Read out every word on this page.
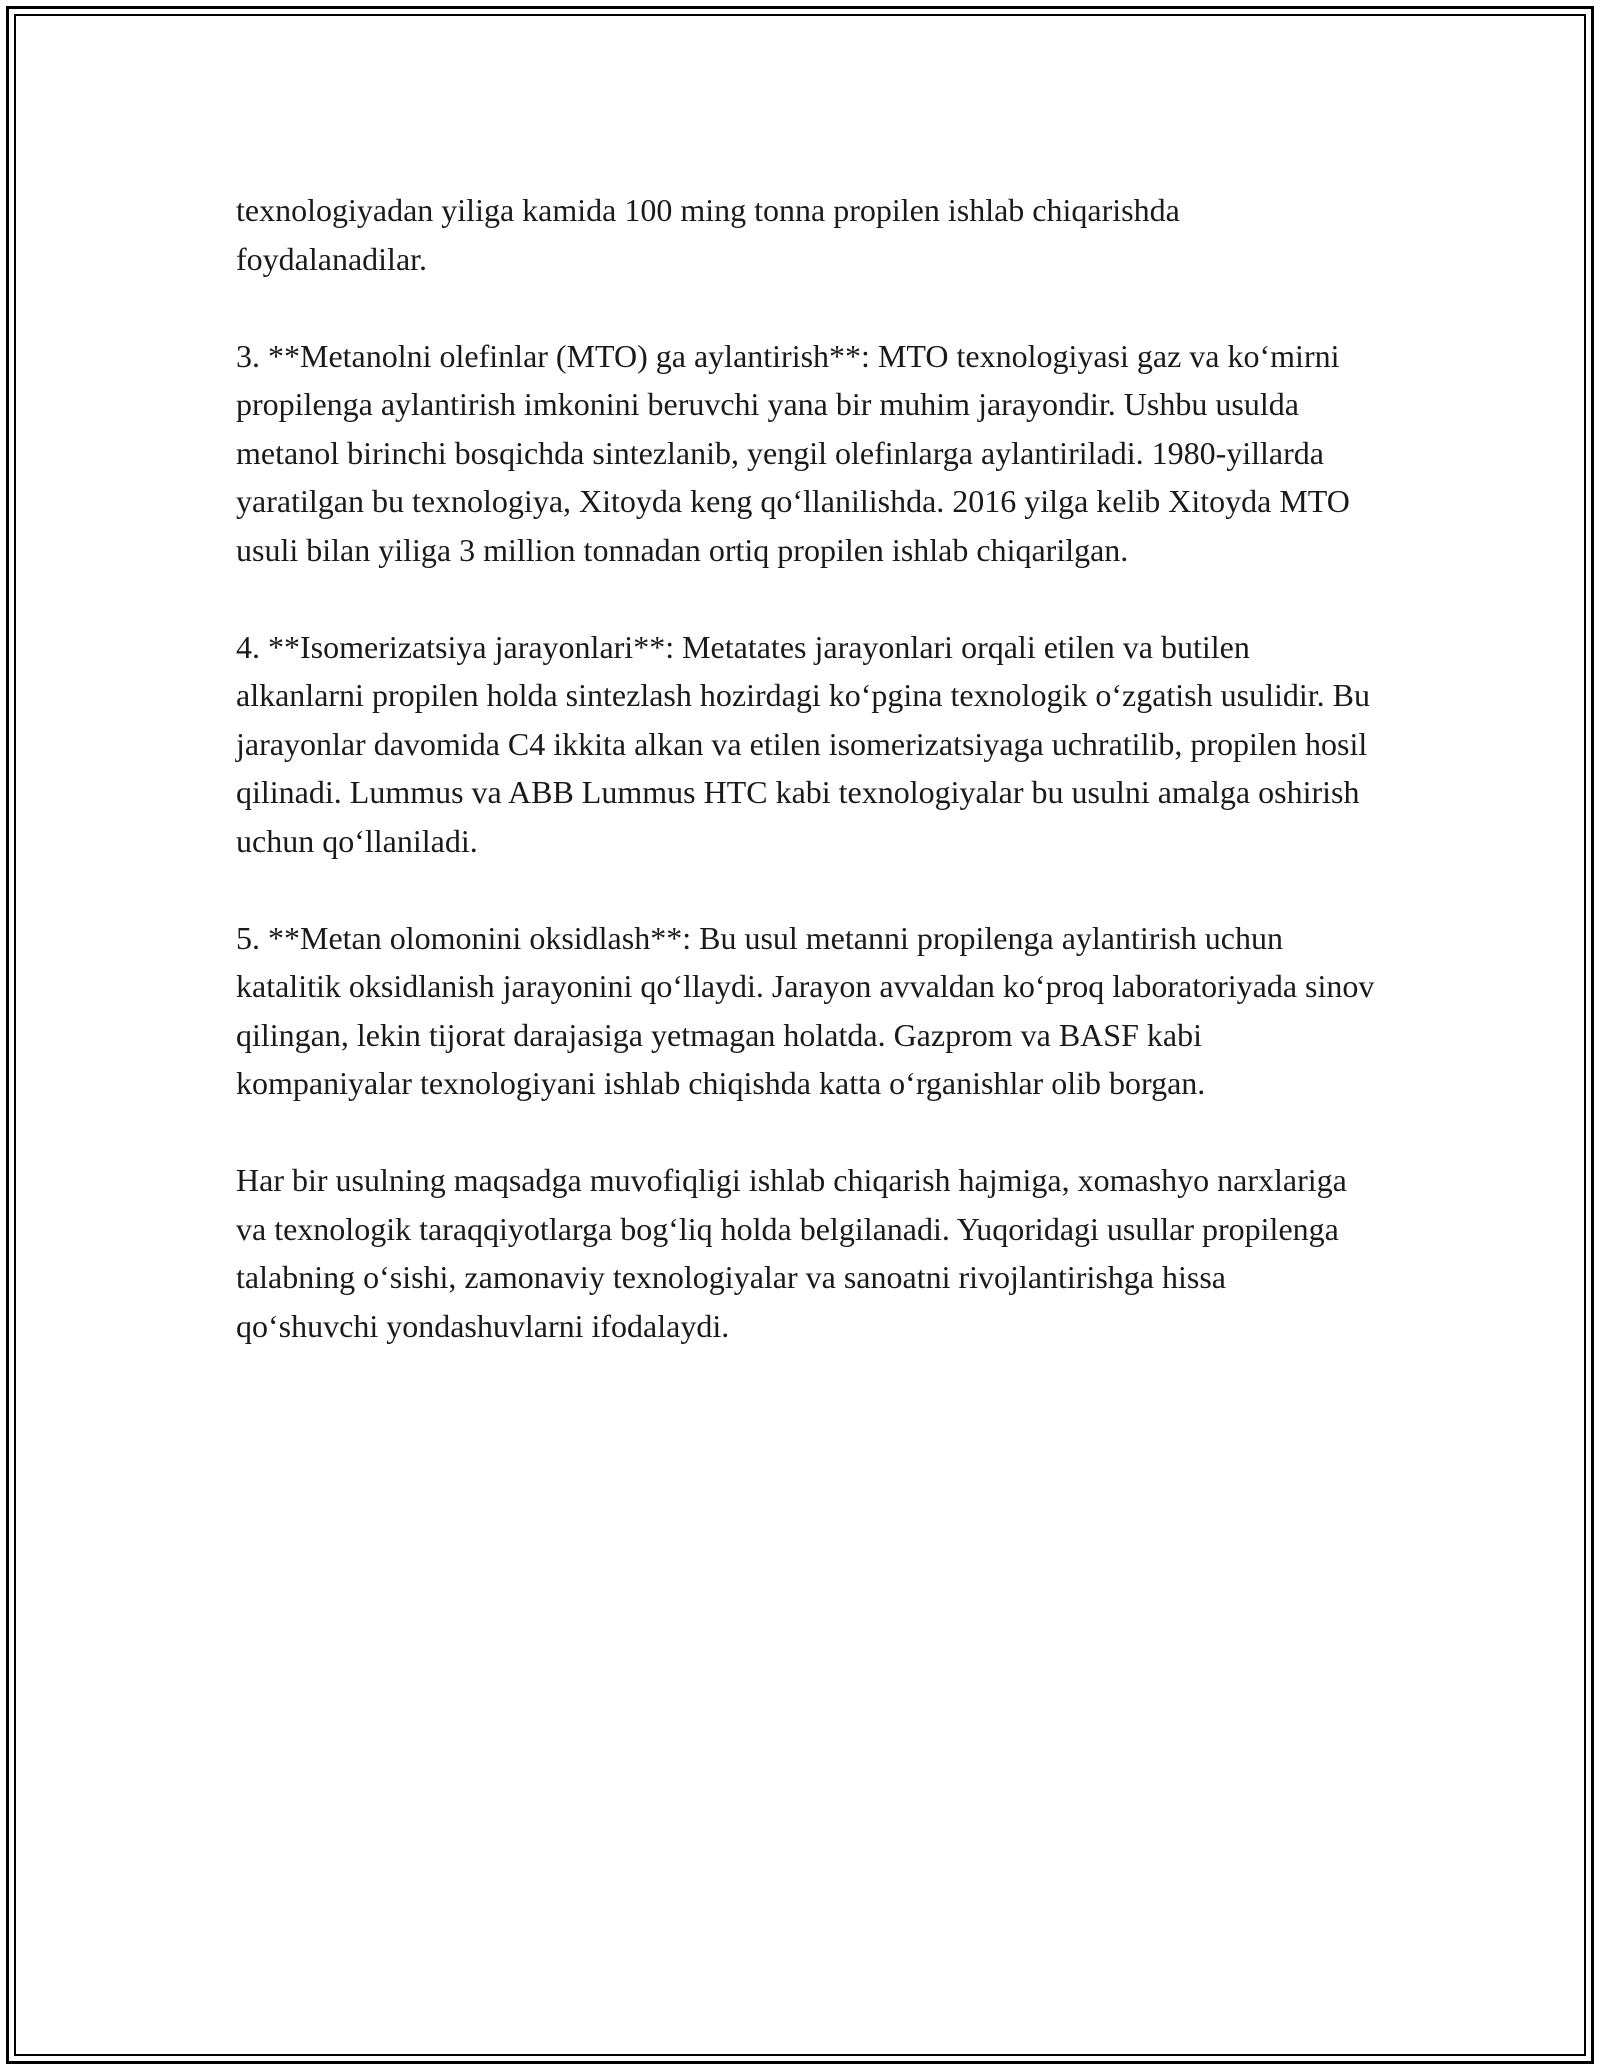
texnologiyadan yiliga kamida 100 ming tonna propilen ishlab chiqarishda foydalanadilar.

3. **Metanolni olefinlar (MTO) ga aylantirish**: MTO texnologiyasi gaz va koʻmirni propilenga aylantirish imkonini beruvchi yana bir muhim jarayondir. Ushbu usulda metanol birinchi bosqichda sintezlanib, yengil olefinlarga aylantiriladi. 1980-yillarda yaratilgan bu texnologiya, Xitoyda keng qoʻllanilishda. 2016 yilga kelib Xitoyda MTO usuli bilan yiliga 3 million tonnadan ortiq propilen ishlab chiqarilgan.

4. **Isomerizatsiya jarayonlari**: Metatates jarayonlari orqali etilen va butilen alkanlarni propilen holda sintezlash hozirdagi koʻpgina texnologik oʻzgatish usulidir. Bu jarayonlar davomida C4 ikkita alkan va etilen isomerizatsiyaga uchratilib, propilen hosil qilinadi. Lummus va ABB Lummus HTC kabi texnologiyalar bu usulni amalga oshirish uchun qoʻllaniladi.

5. **Metan olomonini oksidlash**: Bu usul metanni propilenga aylantirish uchun katalitik oksidlanish jarayonini qoʻllaydi. Jarayon avvaldan koʻproq laboratoriyada sinov qilingan, lekin tijorat darajasiga yetmagan holatda. Gazprom va BASF kabi kompaniyalar texnologiyani ishlab chiqishda katta oʻrganishlar olib borgan.

Har bir usulning maqsadga muvofiqligi ishlab chiqarish hajmiga, xomashyo narxlariga va texnologik taraqqiyotlarga bogʻliq holda belgilanadi. Yuqoridagi usullar propilenga talabning oʻsishi, zamonaviy texnologiyalar va sanoatni rivojlantirishga hissa qoʻshuvchi yondashuvlarni ifodalaydi.
